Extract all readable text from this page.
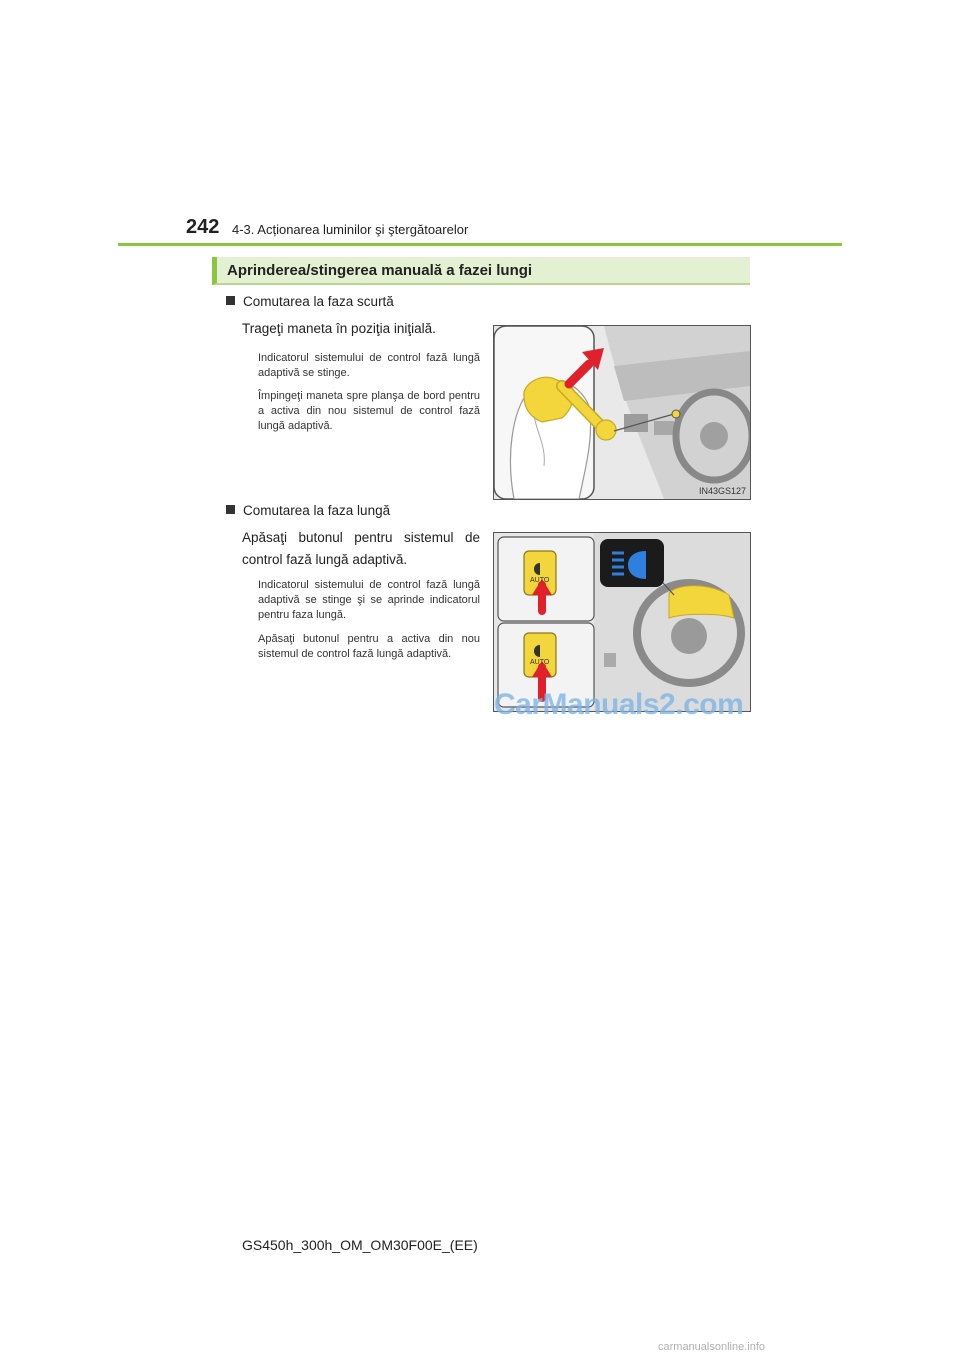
242 4-3. Acționarea luminilor şi ştergătoarelor
Aprinderea/stingerea manuală a fazei lungi
Comutarea la faza scurtă
Trageţi maneta în poziţia iniţială.
Indicatorul sistemului de control fază lungă adaptivă se stinge.
Împingeţi maneta spre planşa de bord pentru a activa din nou sistemul de control fază lungă adaptivă.
IN43GS127
Comutarea la faza lungă
Apăsaţi butonul pentru sistemul de control fază lungă adaptivă.
Indicatorul sistemului de control fază lungă adaptivă se stinge şi se aprinde indicatorul pentru faza lungă.
Apăsaţi butonul pentru a activa din nou sistemul de control fază lungă adaptivă.
AUTO
AUTO
CarManuals2.com
GS450h_300h_OM_OM30F00E_(EE)
carmanualsonline.info
